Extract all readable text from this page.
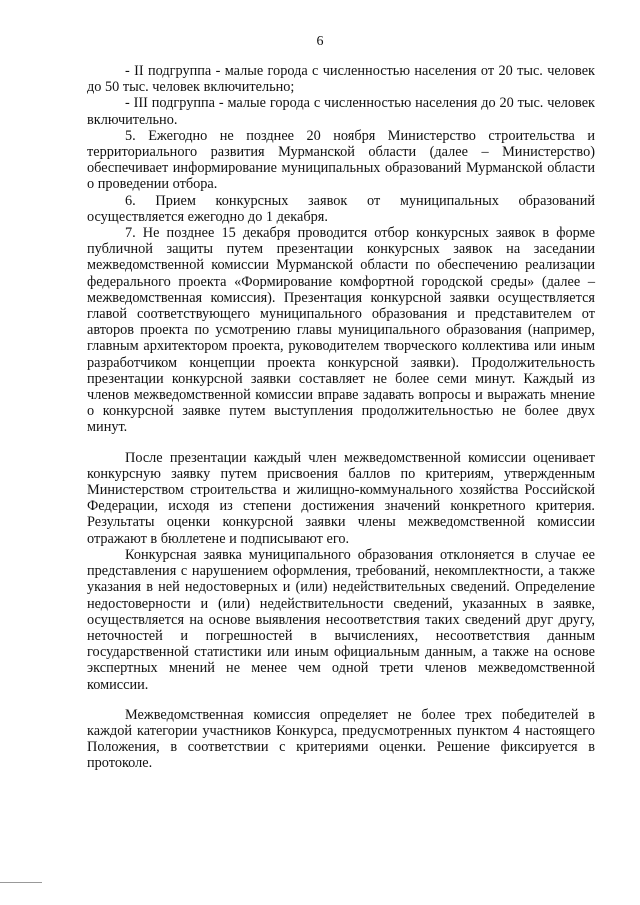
6

- II подгруппа - малые города с численностью населения от 20 тыс. человек до 50 тыс. человек включительно;

- III подгруппа - малые города с численностью населения до 20 тыс. человек включительно.

5. Ежегодно не позднее 20 ноября Министерство строительства и территориального развития Мурманской области (далее – Министерство) обеспечивает информирование муниципальных образований Мурманской области о проведении отбора.

6. Прием конкурсных заявок от муниципальных образований осуществляется ежегодно до 1 декабря.

7. Не позднее 15 декабря проводится отбор конкурсных заявок в форме публичной защиты путем презентации конкурсных заявок на заседании межведомственной комиссии Мурманской области по обеспечению реализации федерального проекта «Формирование комфортной городской среды» (далее – межведомственная комиссия). Презентация конкурсной заявки осуществляется главой соответствующего муниципального образования и представителем от авторов проекта по усмотрению главы муниципального образования (например, главным архитектором проекта, руководителем творческого коллектива или иным разработчиком концепции проекта конкурсной заявки). Продолжительность презентации конкурсной заявки составляет не более семи минут. Каждый из членов межведомственной комиссии вправе задавать вопросы и выражать мнение о конкурсной заявке путем выступления продолжительностью не более двух минут.

После презентации каждый член межведомственной комиссии оценивает конкурсную заявку путем присвоения баллов по критериям, утвержденным Министерством строительства и жилищно-коммунального хозяйства Российской Федерации, исходя из степени достижения значений конкретного критерия. Результаты оценки конкурсной заявки члены межведомственной комиссии отражают в бюллетене и подписывают его.

Конкурсная заявка муниципального образования отклоняется в случае ее представления с нарушением оформления, требований, некомплектности, а также указания в ней недостоверных и (или) недействительных сведений. Определение недостоверности и (или) недействительности сведений, указанных в заявке, осуществляется на основе выявления несоответствия таких сведений друг другу, неточностей и погрешностей в вычислениях, несоответствия данным государственной статистики или иным официальным данным, а также на основе экспертных мнений не менее чем одной трети членов межведомственной комиссии.

Межведомственная комиссия определяет не более трех победителей в каждой категории участников Конкурса, предусмотренных пунктом 4 настоящего Положения, в соответствии с критериями оценки. Решение фиксируется в протоколе.
